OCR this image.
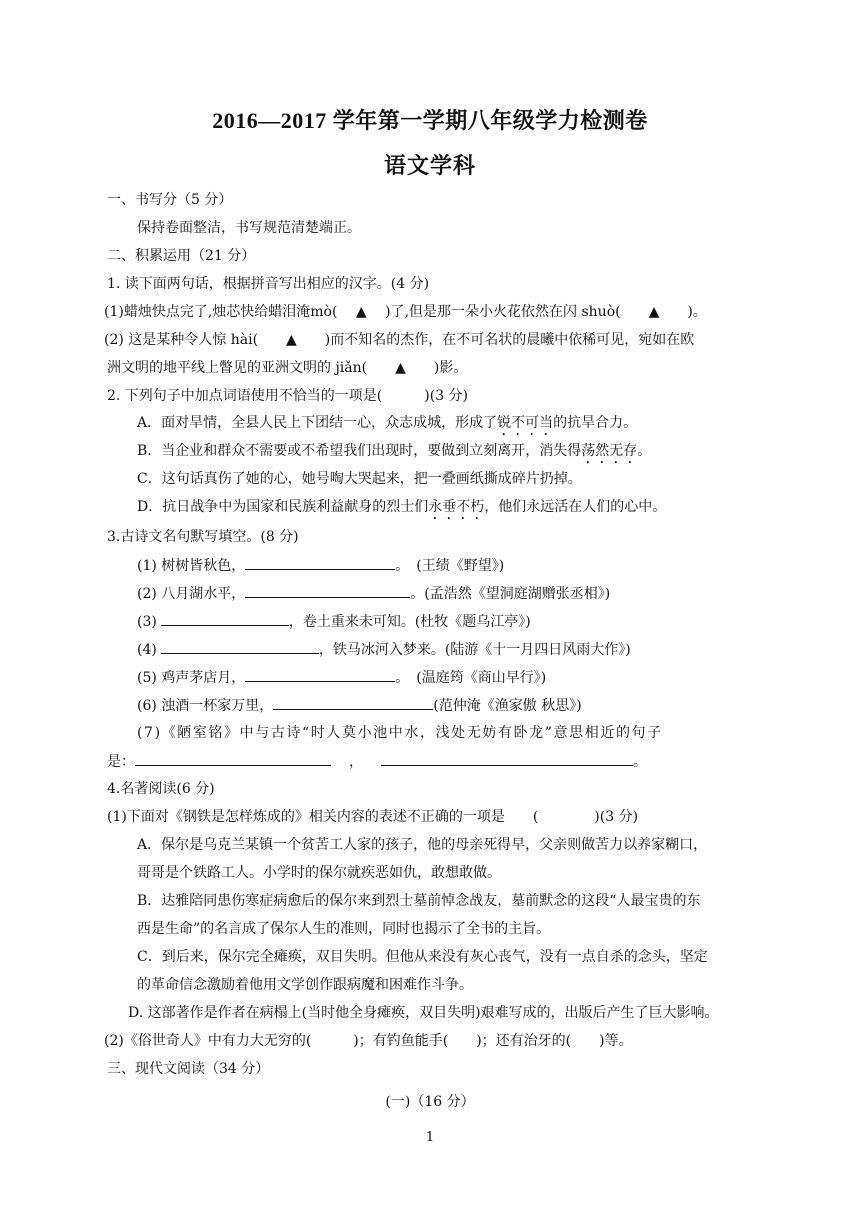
2016—2017 学年第一学期八年级学力检测卷
语文学科
一、书写分（5 分）
保持卷面整洁，书写规范清楚端正。
二、积累运用（21 分）
1. 读下面两句话，根据拼音写出相应的汉字。(4 分)
(1)蜡烛快点完了,烛芯快给蜡泪淹mò(　 ▲　 )了,但是那一朵小火花依然在闪 shuò(　　▲　　)。
(2) 这是某种令人惊 hài(　　▲　　)而不知名的杰作，在不可名状的晨曦中依稀可见，宛如在欧
洲文明的地平线上瞥见的亚洲文明的 jiǎn(　　▲　　)影。
2. 下列句子中加点词语使用不恰当的一项是(　　　)(3 分)
A．面对旱情，全县人民上下团结一心，众志成城，形成了锐不可当的抗旱合力。
B．当企业和群众不需要或不希望我们出现时，要做到立刻离开，消失得荡然无存。
C．这句话真伤了她的心，她号啕大哭起来，把一叠画纸撕成碎片扔掉。
D．抗日战争中为国家和民族利益献身的烈士们永垂不朽，他们永远活在人们的心中。
3.古诗文名句默写填空。(8 分)
(1) 树树皆秋色，	。　(王绩《野望》)
(2) 八月湖水平，	。(孟浩然《望洞庭湖赠张丞相》)
(3)	，卷土重来未可知。(杜牧《题乌江亭》)
(4)	，铁马冰河入梦来。(陆游《十一月四日风雨大作》)
(5) 鸡声茅店月，	。　(温庭筠《商山早行》)
(6) 浊酒一杯家万里，	(范仲淹《渔家傲 秋思》)
(7)《陋室铭》中与古诗“时人莫小池中水，浅处无妨有卧龙”意思相近的句子
是：	，	。
4.名著阅读(6 分)
(1)下面对《钢铁是怎样炼成的》相关内容的表述不正确的一项是　　(　　　　)(3 分)
A．保尔是乌克兰某镇一个贫苦工人家的孩子，他的母亲死得早，父亲则做苦力以养家糊口，
哥哥是个铁路工人。小学时的保尔就疾恶如仇，敢想敢做。
B．达雅陪同患伤寒症病愈后的保尔来到烈士墓前悼念战友，墓前默念的这段“人最宝贵的东
西是生命”的名言成了保尔人生的准则，同时也揭示了全书的主旨。
C．到后来，保尔完全瘫痪，双目失明。但他从来没有灰心丧气，没有一点自杀的念头，坚定
的革命信念激励着他用文学创作跟病魔和困难作斗争。
D. 这部著作是作者在病榻上(当时他全身瘫痪，双目失明)艰难写成的，出版后产生了巨大影响。
(2)《俗世奇人》中有力大无穷的(　　　)；有钓鱼能手(　　)；还有治牙的(　　)等。
三、现代文阅读（34 分）
(一)（16 分）
1
